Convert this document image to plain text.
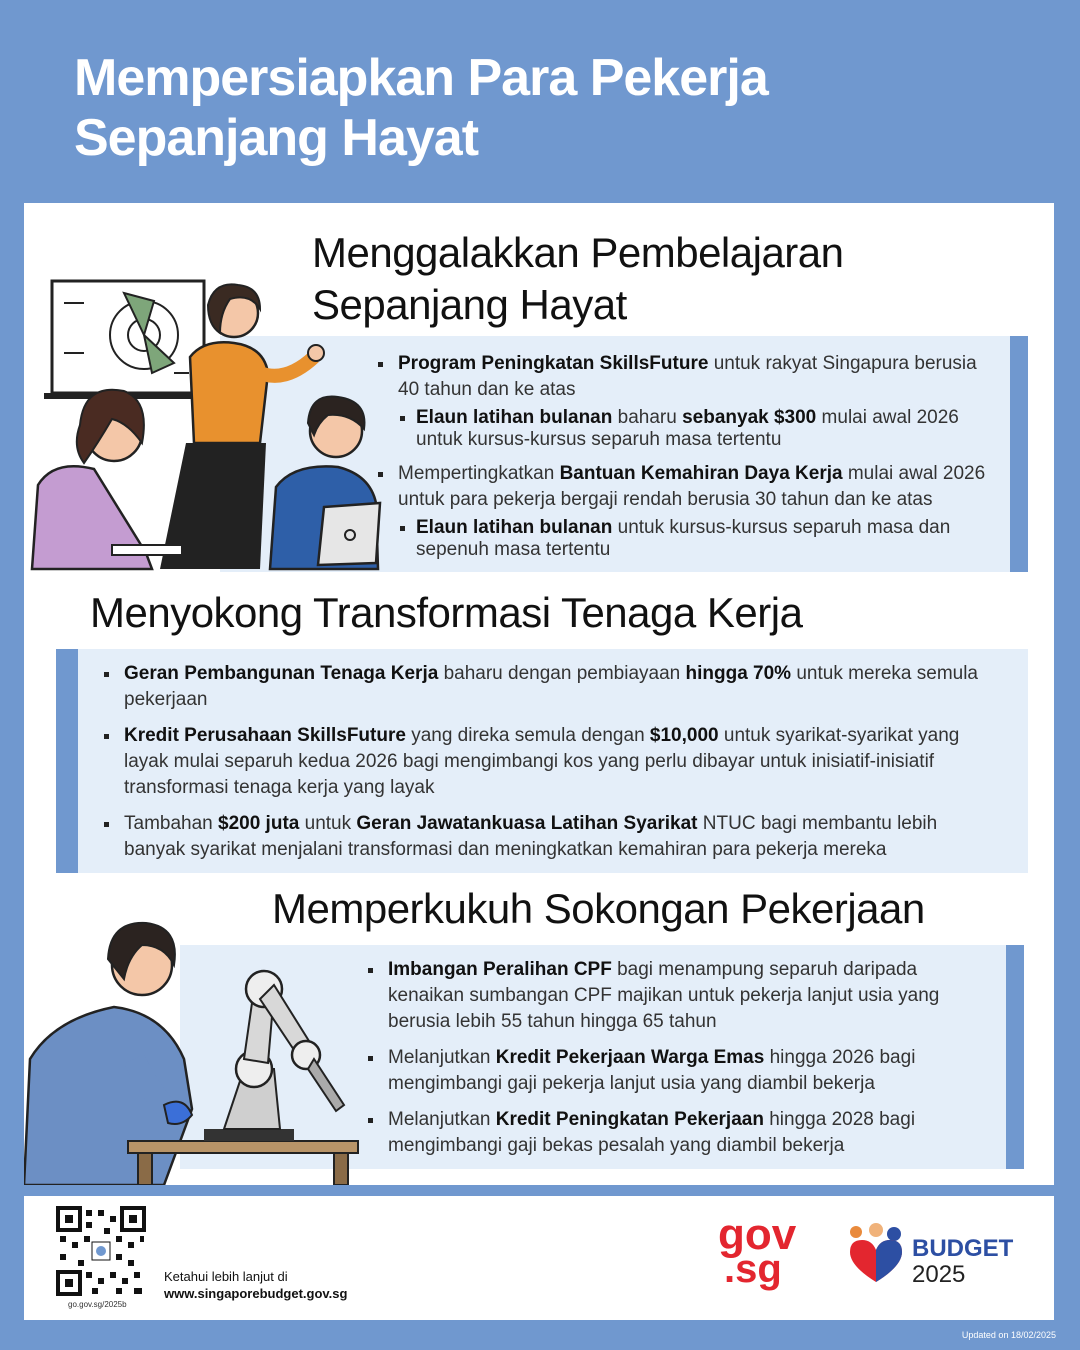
Mempersiapkan Para Pekerja
Sepanjang Hayat
Menggalakkan Pembelajaran
Sepanjang Hayat
Program Peningkatan SkillsFuture untuk rakyat Singapura berusia 40 tahun dan ke atas
Elaun latihan bulanan baharu sebanyak $300 mulai awal 2026 untuk kursus-kursus separuh masa tertentu
Mempertingkatkan Bantuan Kemahiran Daya Kerja mulai awal 2026 untuk para pekerja bergaji rendah berusia 30 tahun dan ke atas
Elaun latihan bulanan untuk kursus-kursus separuh masa dan sepenuh masa tertentu
Menyokong Transformasi Tenaga Kerja
Geran Pembangunan Tenaga Kerja baharu dengan pembiayaan hingga 70% untuk mereka semula pekerjaan
Kredit Perusahaan SkillsFuture yang direka semula dengan $10,000 untuk syarikat-syarikat yang layak mulai separuh kedua 2026 bagi mengimbangi kos yang perlu dibayar untuk inisiatif-inisiatif transformasi tenaga kerja yang layak
Tambahan $200 juta untuk Geran Jawatankuasa Latihan Syarikat NTUC bagi membantu lebih banyak syarikat menjalani transformasi dan meningkatkan kemahiran para pekerja mereka
Memperkukuh Sokongan Pekerjaan
Imbangan Peralihan CPF bagi menampung separuh daripada kenaikan sumbangan CPF majikan untuk pekerja lanjut usia yang berusia lebih 55 tahun hingga 65 tahun
Melanjutkan Kredit Pekerjaan Warga Emas hingga 2026 bagi mengimbangi gaji pekerja lanjut usia yang diambil bekerja
Melanjutkan Kredit Peningkatan Pekerjaan hingga 2028 bagi mengimbangi gaji bekas pesalah yang diambil bekerja
go.gov.sg/2025b
Ketahui lebih lanjut di
www.singaporebudget.gov.sg
gov
.sg	BUDGET
2025
Updated on 18/02/2025
